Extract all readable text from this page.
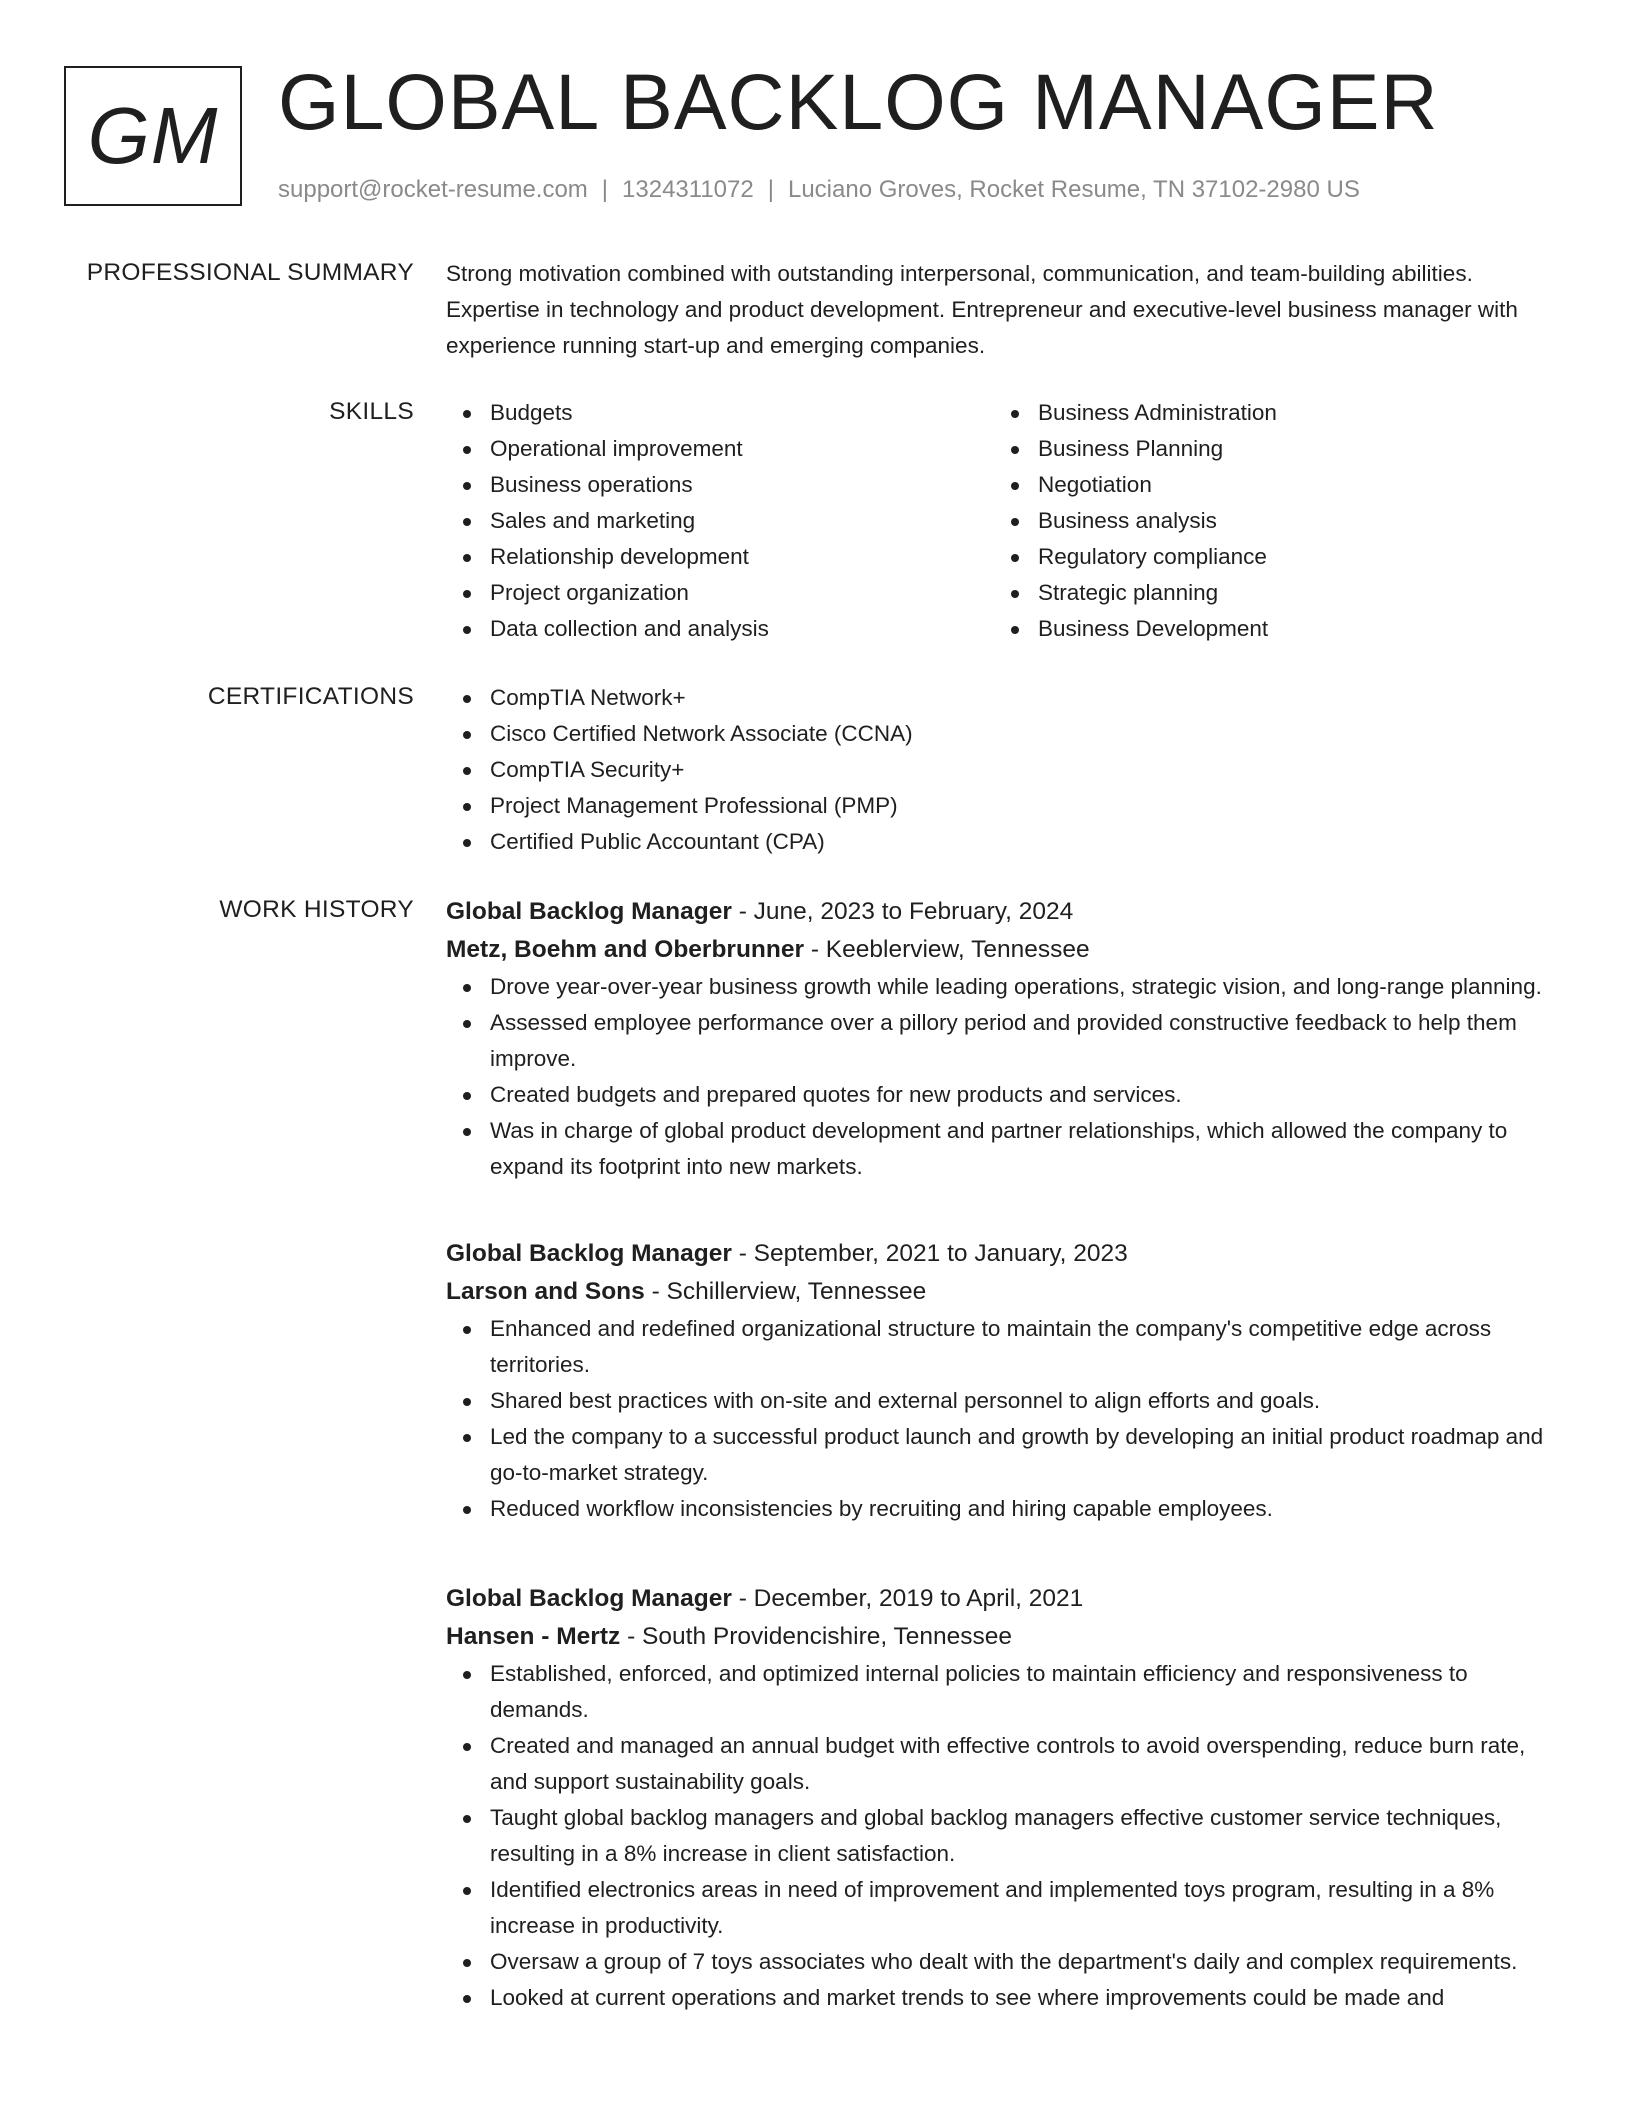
GM GLOBAL BACKLOG MANAGER
support@rocket-resume.com | 1324311072 | Luciano Groves, Rocket Resume, TN 37102-2980 US
PROFESSIONAL SUMMARY Strong motivation combined with outstanding interpersonal, communication, and team-building abilities. Expertise in technology and product development. Entrepreneur and executive-level business manager with experience running start-up and emerging companies.

SKILLS	Budgets
Operational improvement
Business operations
Sales and marketing
Relationship development
Project organization
Data collection and analysis
Business Administration
Business Planning
Negotiation
Business analysis
Regulatory compliance
Strategic planning
Business Development
CERTIFICATIONS	CompTIA Network+
Cisco Certified Network Associate (CCNA)
CompTIA Security+
Project Management Professional (PMP)
Certified Public Accountant (CPA)
WORK HISTORY Global Backlog Manager - June, 2023 to February, 2024
Metz, Boehm and Oberbrunner - Keeblerview, Tennessee
Drove year-over-year business growth while leading operations, strategic vision, and long-range planning.
Assessed employee performance over a pillory period and provided constructive feedback to help them improve.
Created budgets and prepared quotes for new products and services.
Was in charge of global product development and partner relationships, which allowed the company to expand its footprint into new markets.
Global Backlog Manager - September, 2021 to January, 2023
Larson and Sons - Schillerview, Tennessee
Enhanced and redefined organizational structure to maintain the company's competitive edge across territories.
Shared best practices with on-site and external personnel to align efforts and goals.
Led the company to a successful product launch and growth by developing an initial product roadmap and go-to-market strategy.
Reduced workflow inconsistencies by recruiting and hiring capable employees.
Global Backlog Manager - December, 2019 to April, 2021
Hansen - Mertz - South Providencishire, Tennessee
Established, enforced, and optimized internal policies to maintain efficiency and responsiveness to demands.
Created and managed an annual budget with effective controls to avoid overspending, reduce burn rate, and support sustainability goals.
Taught global backlog managers and global backlog managers effective customer service techniques, resulting in a 8% increase in client satisfaction.
Identified electronics areas in need of improvement and implemented toys program, resulting in a 8% increase in productivity.
Oversaw a group of 7 toys associates who dealt with the department's daily and complex requirements.
Looked at current operations and market trends to see where improvements could be made and
